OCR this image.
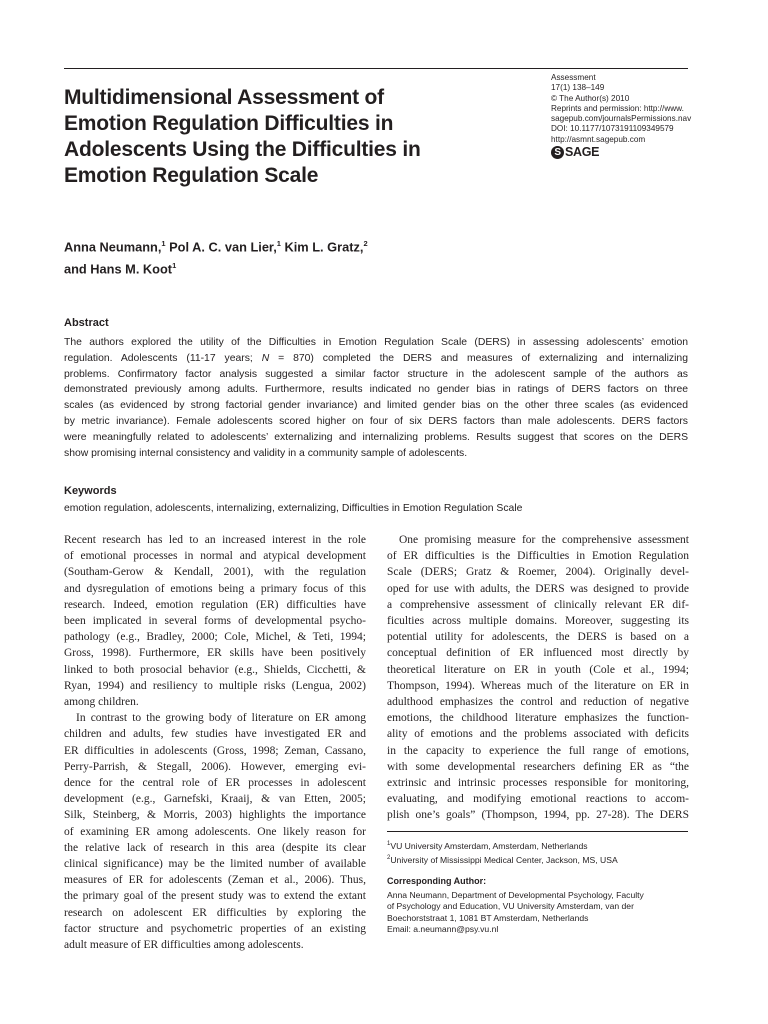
Multidimensional Assessment of
Emotion Regulation Difficulties in
Adolescents Using the Difficulties in
Emotion Regulation Scale
Assessment
17(1) 138–149
© The Author(s) 2010
Reprints and permission: http://www.
sagepub.com/journalsPermissions.nav
DOI: 10.1177/1073191109349579
http://asmnt.sagepub.com
S SAGE
Anna Neumann,$^1$ Pol A. C. van Lier,$^1$ Kim L. Gratz,$^2$
and Hans M. Koot$^1$
Abstract
The authors explored the utility of the Difficulties in Emotion Regulation Scale (DERS) in assessing adolescents’ emotion
regulation. Adolescents (11-17 years; N = 870) completed the DERS and measures of externalizing and internalizing
problems. Confirmatory factor analysis suggested a similar factor structure in the adolescent sample of the authors as
demonstrated previously among adults. Furthermore, results indicated no gender bias in ratings of DERS factors on three
scales (as evidenced by strong factorial gender invariance) and limited gender bias on the other three scales (as evidenced
by metric invariance). Female adolescents scored higher on four of six DERS factors than male adolescents. DERS factors
were meaningfully related to adolescents’ externalizing and internalizing problems. Results suggest that scores on the DERS
show promising internal consistency and validity in a community sample of adolescents.
Keywords
emotion regulation, adolescents, internalizing, externalizing, Difficulties in Emotion Regulation Scale
Recent research has led to an increased interest in the role
of emotional processes in normal and atypical development
(Southam-Gerow & Kendall, 2001), with the regulation
and dysregulation of emotions being a primary focus of this
research. Indeed, emotion regulation (ER) difficulties have
been implicated in several forms of developmental psycho-
pathology (e.g., Bradley, 2000; Cole, Michel, & Teti, 1994;
Gross, 1998). Furthermore, ER skills have been positively
linked to both prosocial behavior (e.g., Shields, Cicchetti, &
Ryan, 1994) and resiliency to multiple risks (Lengua, 2002)
among children.
In contrast to the growing body of literature on ER among
children and adults, few studies have investigated ER and
ER difficulties in adolescents (Gross, 1998; Zeman, Cassano,
Perry-Parrish, & Stegall, 2006). However, emerging evi-
dence for the central role of ER processes in adolescent
development (e.g., Garnefski, Kraaij, & van Etten, 2005;
Silk, Steinberg, & Morris, 2003) highlights the importance
of examining ER among adolescents. One likely reason for
the relative lack of research in this area (despite its clear
clinical significance) may be the limited number of available
measures of ER for adolescents (Zeman et al., 2006). Thus,
the primary goal of the present study was to extend the extant
research on adolescent ER difficulties by exploring the
factor structure and psychometric properties of an existing
adult measure of ER difficulties among adolescents.
One promising measure for the comprehensive assessment
of ER difficulties is the Difficulties in Emotion Regulation
Scale (DERS; Gratz & Roemer, 2004). Originally devel-
oped for use with adults, the DERS was designed to provide
a comprehensive assessment of clinically relevant ER dif-
ficulties across multiple domains. Moreover, suggesting its
potential utility for adolescents, the DERS is based on a
conceptual definition of ER influenced most directly by
theoretical literature on ER in youth (Cole et al., 1994;
Thompson, 1994). Whereas much of the literature on ER in
adulthood emphasizes the control and reduction of negative
emotions, the childhood literature emphasizes the function-
ality of emotions and the problems associated with deficits
in the capacity to experience the full range of emotions,
with some developmental researchers defining ER as “the
extrinsic and intrinsic processes responsible for monitoring,
evaluating, and modifying emotional reactions to accom-
plish one’s goals” (Thompson, 1994, pp. 27-28). The DERS
$^1$VU University Amsterdam, Amsterdam, Netherlands
$^2$University of Mississippi Medical Center, Jackson, MS, USA
Corresponding Author:
Anna Neumann, Department of Developmental Psychology, Faculty
of Psychology and Education, VU University Amsterdam, van der
Boechorststraat 1, 1081 BT Amsterdam, Netherlands
Email: a.neumann@psy.vu.nl
